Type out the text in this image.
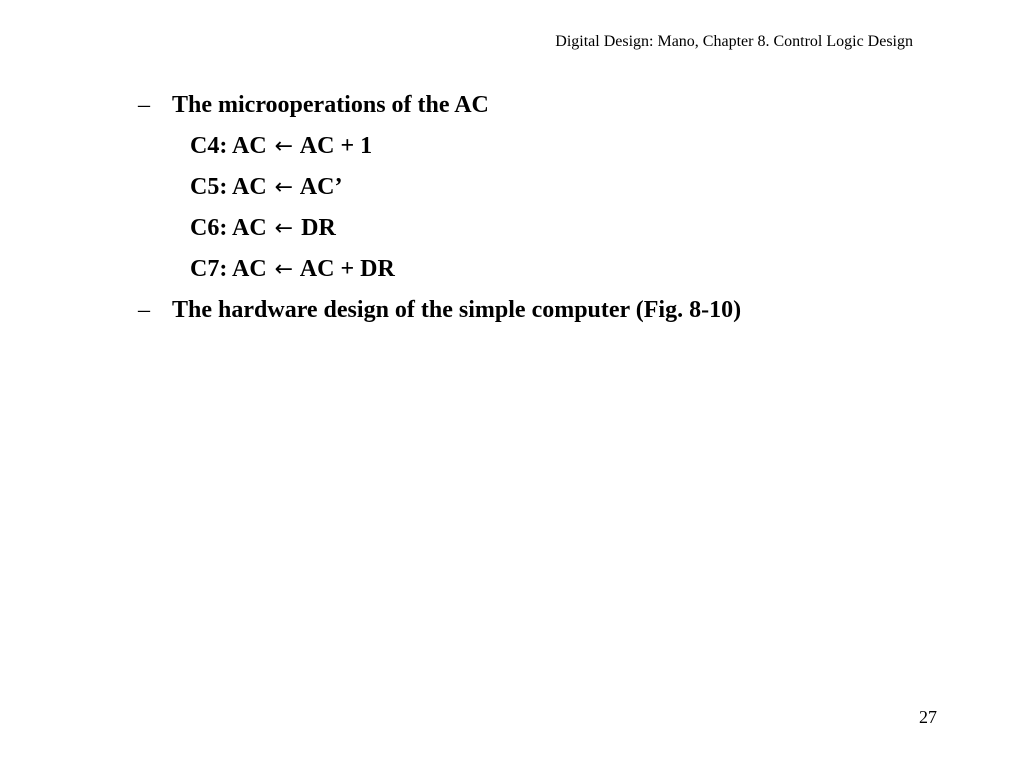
Digital Design: Mano, Chapter 8. Control Logic Design
– The microoperations of the AC
C4: AC ← AC + 1
C5: AC ← AC’
C6: AC ← DR
C7: AC ← AC + DR
– The hardware design of the simple computer (Fig. 8-10)
27
